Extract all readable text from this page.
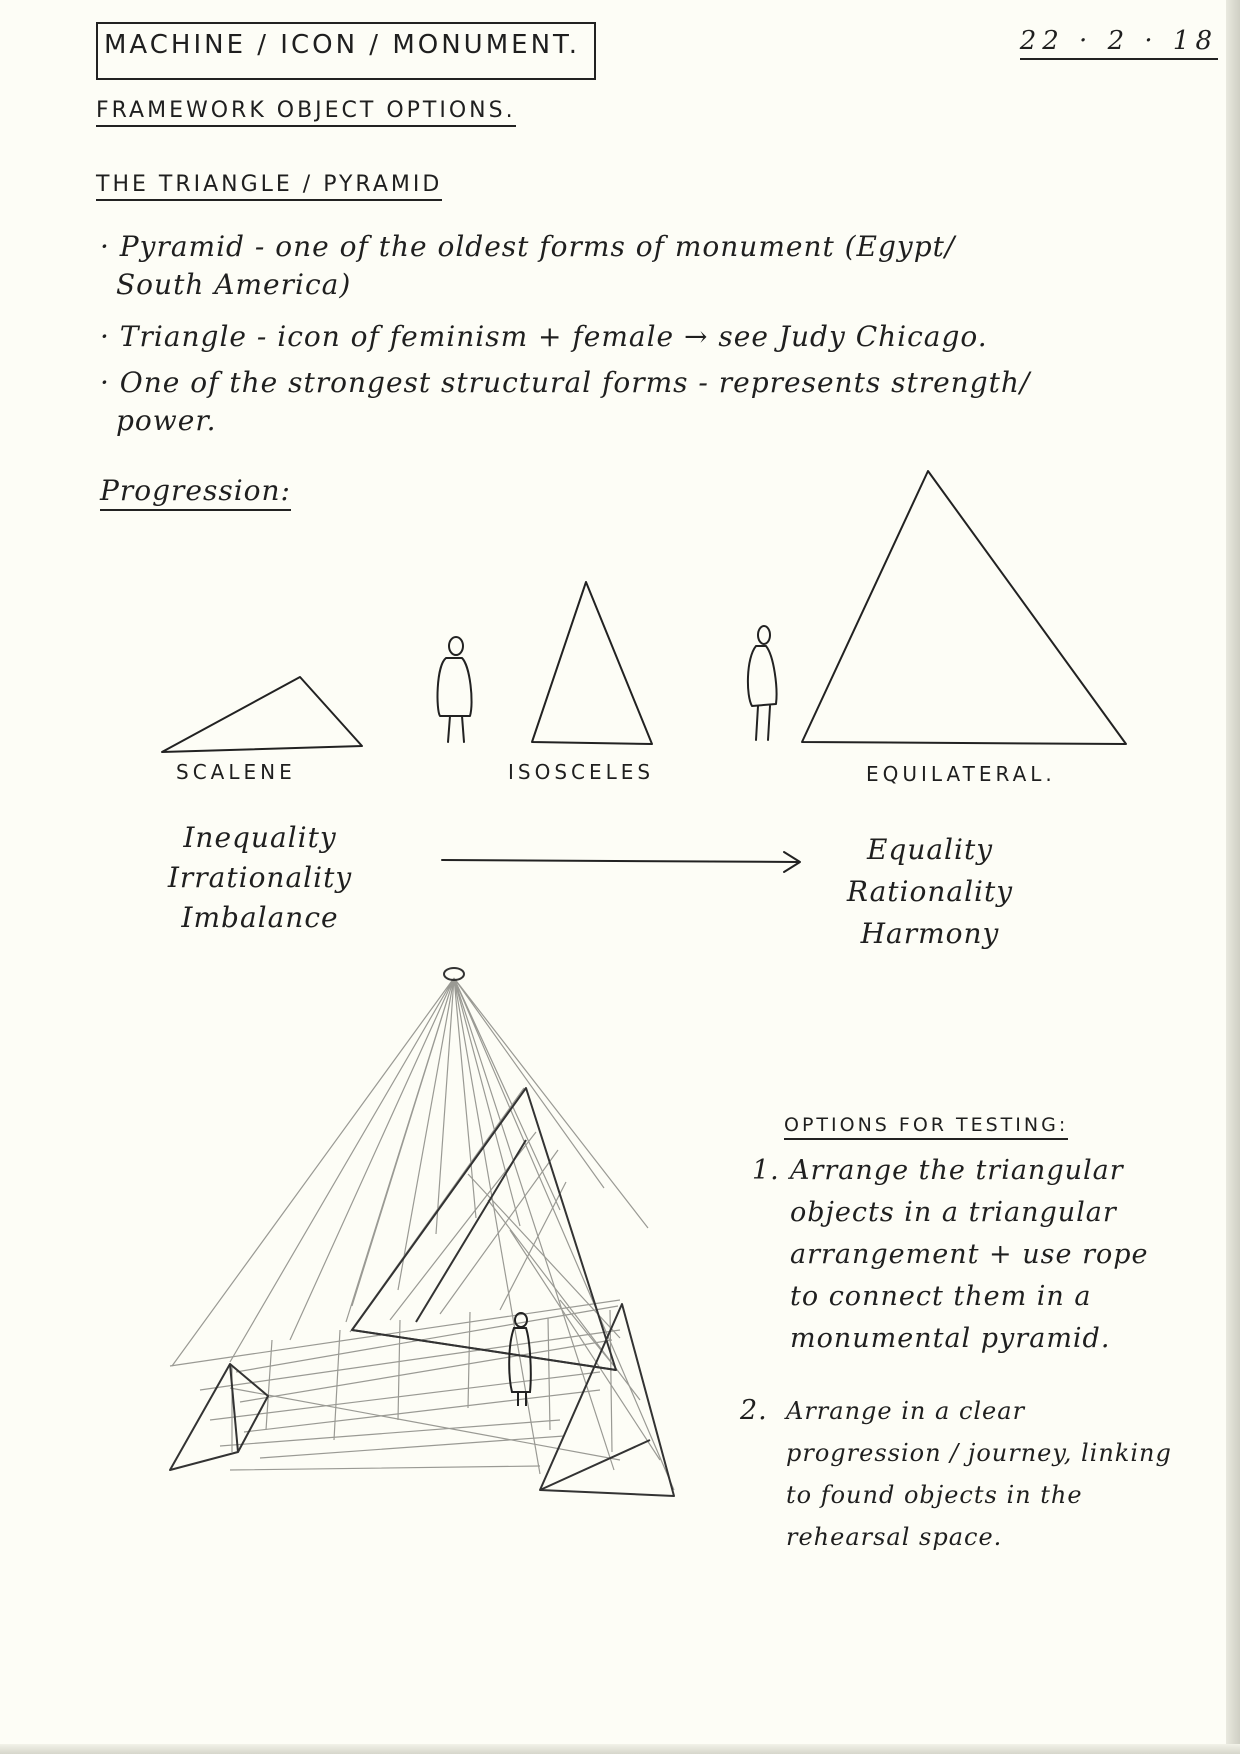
MACHINE / ICON / MONUMENT.	22 · 2 · 18
FRAMEWORK OBJECT OPTIONS.
THE TRIANGLE / PYRAMID
· Pyramid - one of the oldest forms of monument (Egypt/
South America)
· Triangle - icon of feminism + female → see Judy Chicago.
· One of the strongest structural forms - represents strength/
power.
Progression:
SCALENE	ISOSCELES	EQUILATERAL.
Inequality
Irrationality
Imbalance
Equality
Rationality
Harmony
OPTIONS FOR TESTING:
1. Arrange the triangular
objects in a triangular
arrangement + use rope
to connect them in a
monumental pyramid.
2. Arrange in a clear
progression / journey, linking
to found objects in the
rehearsal space.
